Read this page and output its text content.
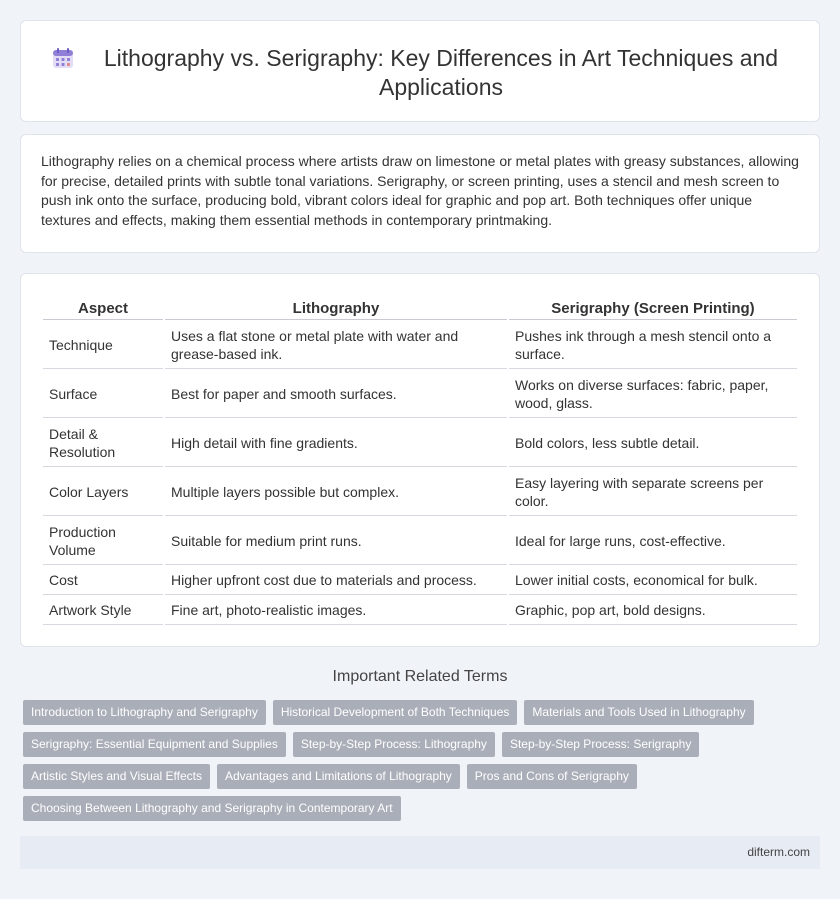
Lithography vs. Serigraphy: Key Differences in Art Techniques and Applications

Lithography relies on a chemical process where artists draw on limestone or metal plates with greasy substances, allowing for precise, detailed prints with subtle tonal variations. Serigraphy, or screen printing, uses a stencil and mesh screen to push ink onto the surface, producing bold, vibrant colors ideal for graphic and pop art. Both techniques offer unique textures and effects, making them essential methods in contemporary printmaking.

Aspect	Lithography	Serigraphy (Screen Printing)
Technique	Uses a flat stone or metal plate with water and grease-based ink.	Pushes ink through a mesh stencil onto a surface.
Surface	Best for paper and smooth surfaces.	Works on diverse surfaces: fabric, paper, wood, glass.
Detail & Resolution	High detail with fine gradients.	Bold colors, less subtle detail.
Color Layers	Multiple layers possible but complex.	Easy layering with separate screens per color.
Production Volume	Suitable for medium print runs.	Ideal for large runs, cost-effective.
Cost	Higher upfront cost due to materials and process.	Lower initial costs, economical for bulk.
Artwork Style	Fine art, photo-realistic images.	Graphic, pop art, bold designs.
Important Related Terms
Introduction to Lithography and Serigraphy	Historical Development of Both Techniques	Materials and Tools Used in Lithography
Serigraphy: Essential Equipment and Supplies	Step-by-Step Process: Lithography	Step-by-Step Process: Serigraphy
Artistic Styles and Visual Effects	Advantages and Limitations of Lithography	Pros and Cons of Serigraphy
Choosing Between Lithography and Serigraphy in Contemporary Art
difterm.com
